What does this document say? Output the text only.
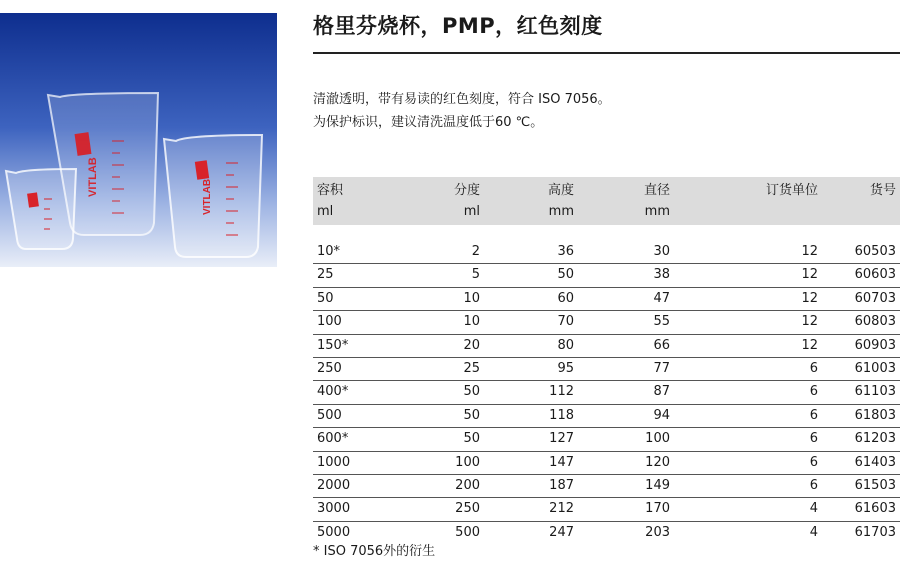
VITLAB	VITLAB
格里芬烧杯，PMP，红色刻度
清澈透明，带有易读的红色刻度，符合 ISO 7056。
为保护标识，建议清洗温度低于60 ℃。
容积	分度	高度	直径	订货单位	货号
ml	ml	mm	mm
10*	2	36	30	12	60503
25	5	50	38	12	60603
50	10	60	47	12	60703
100	10	70	55	12	60803
150*	20	80	66	12	60903
250	25	95	77	6	61003
400*	50	112	87	6	61103
500	50	118	94	6	61803
600*	50	127	100	6	61203
1000	100	147	120	6	61403
2000	200	187	149	6	61503
3000	250	212	170	4	61603
5000	500	247	203	4	61703
* ISO 7056外的衍生
